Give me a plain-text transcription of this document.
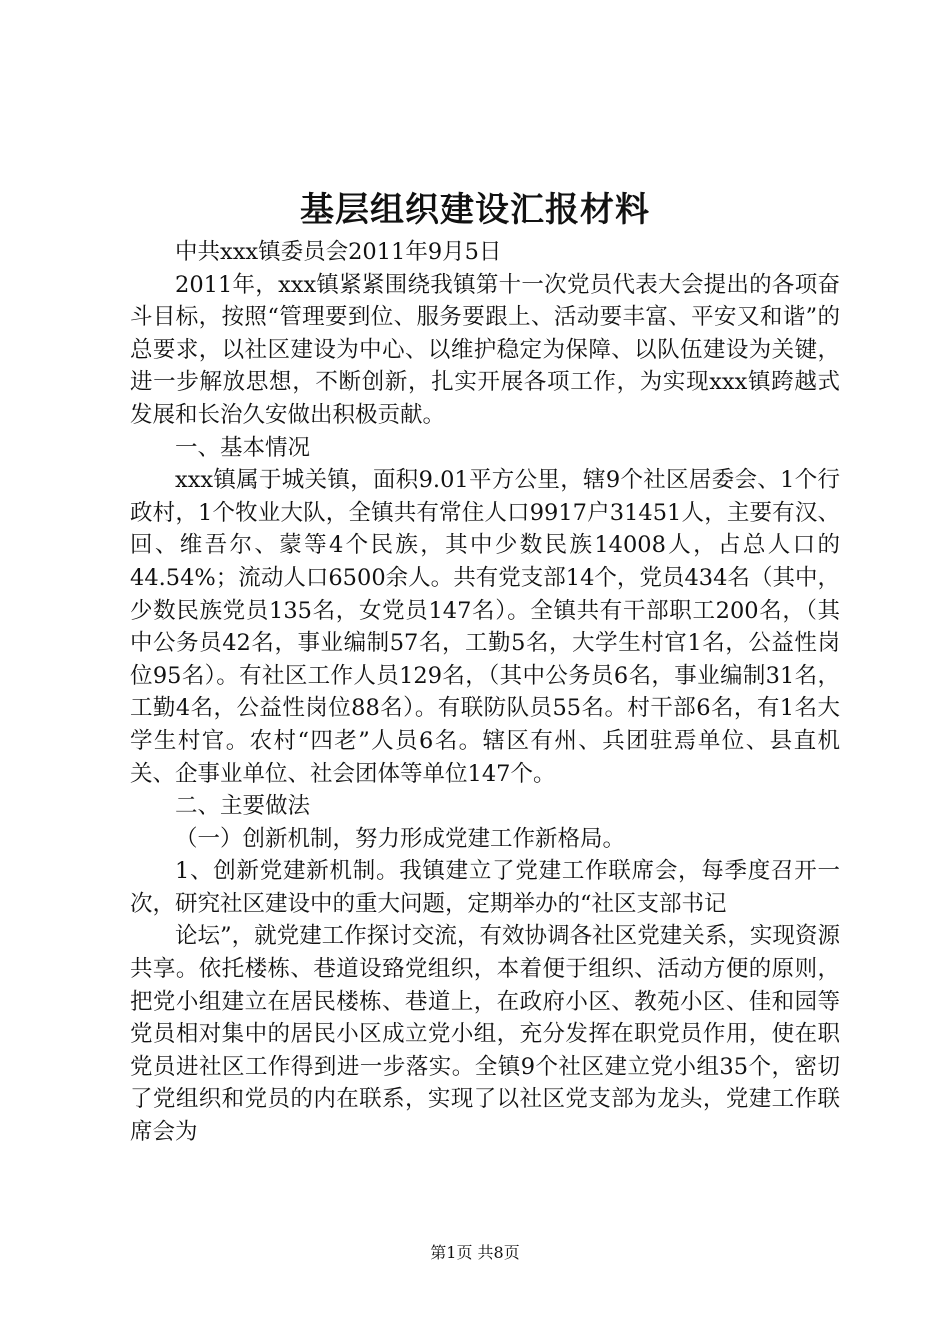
基层组织建设汇报材料

中共xxx镇委员会2011年9月5日

2011年，xxx镇紧紧围绕我镇第十一次党员代表大会提出的各项奋斗目标，按照“管理要到位、服务要跟上、活动要丰富、平安又和谐”的总要求，以社区建设为中心、以维护稳定为保障、以队伍建设为关键，进一步解放思想，不断创新，扎实开展各项工作，为实现xxx镇跨越式发展和长治久安做出积极贡献。

一、基本情况

xxx镇属于城关镇，面积9.01平方公里，辖9个社区居委会、1个行政村，1个牧业大队，全镇共有常住人口9917户31451人，主要有汉、回、维吾尔、蒙等4个民族，其中少数民族14008人，占总人口的44.54%；流动人口6500余人。共有党支部14个，党员434名（其中，少数民族党员135名，女党员147名）。全镇共有干部职工200名，（其中公务员42名，事业编制57名，工勤5名，大学生村官1名，公益性岗位95名）。有社区工作人员129名，（其中公务员6名，事业编制31名，工勤4名，公益性岗位88名）。有联防队员55名。村干部6名，有1名大学生村官。农村“四老”人员6名。辖区有州、兵团驻焉单位、县直机关、企事业单位、社会团体等单位147个。

二、主要做法

（一）创新机制，努力形成党建工作新格局。

1、创新党建新机制。我镇建立了党建工作联席会，每季度召开一次，研究社区建设中的重大问题，定期举办的“社区支部书记

论坛”，就党建工作探讨交流，有效协调各社区党建关系，实现资源共享。依托楼栋、巷道设臵党组织，本着便于组织、活动方便的原则，把党小组建立在居民楼栋、巷道上，在政府小区、教苑小区、佳和园等党员相对集中的居民小区成立党小组，充分发挥在职党员作用，使在职党员进社区工作得到进一步落实。全镇9个社区建立党小组35个，密切了党组织和党员的内在联系，实现了以社区党支部为龙头，党建工作联席会为

第1页 共8页
